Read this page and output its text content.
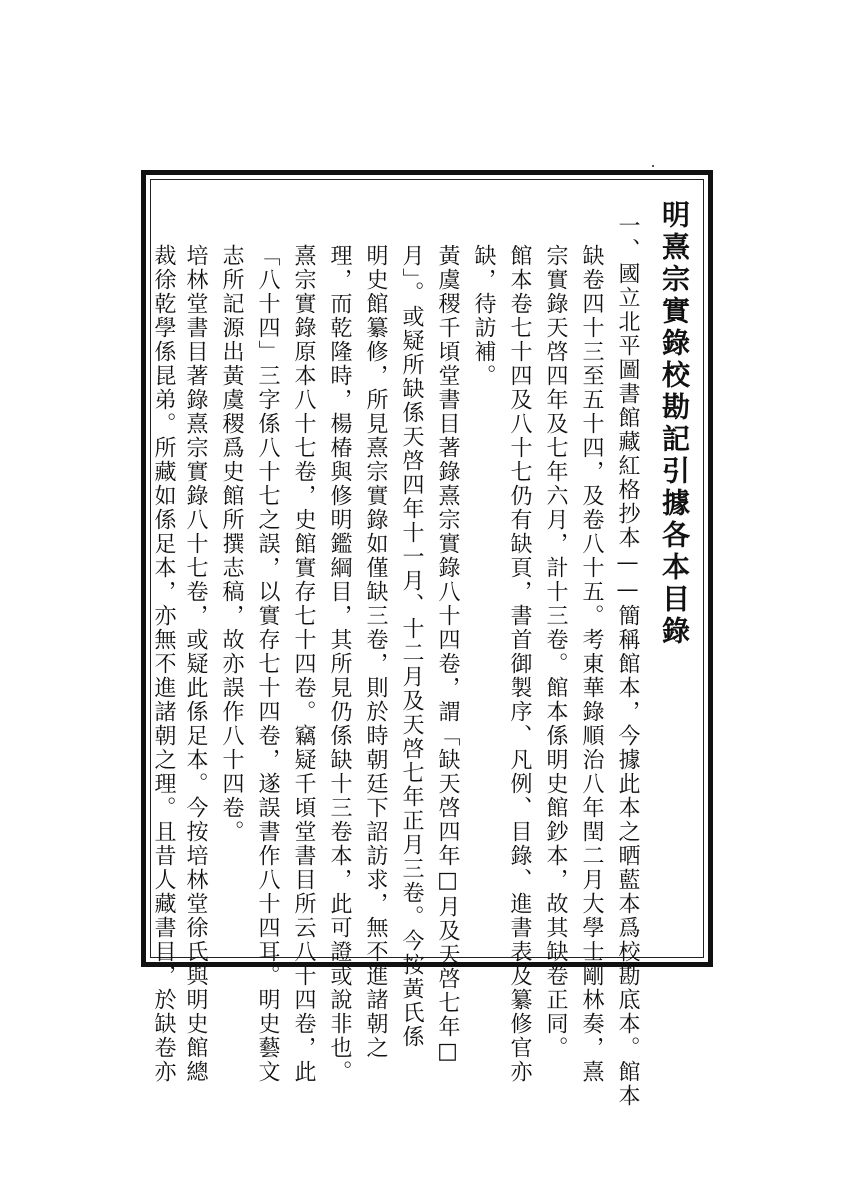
明熹宗實錄校勘記引據各本目錄
一、國立北平圖書館藏紅格抄本——簡稱館本，今據此本之晒藍本爲校勘底本。館本
缺卷四十三至五十四，及卷八十五。考東華錄順治八年閏二月大學士剛林奏，熹
宗實錄天啓四年及七年六月，計十三卷。館本係明史館鈔本，故其缺卷正同。
館本卷七十四及八十七仍有缺頁，書首御製序、凡例、目錄、進書表及纂修官亦
缺，待訪補。
黃虞稷千頃堂書目著錄熹宗實錄八十四卷，謂「缺天啓四年□月及天啓七年□
月」。或疑所缺係天啓四年十一月、十二月及天啓七年正月三卷。今按黃氏係
明史館纂修，所見熹宗實錄如僅缺三卷，則於時朝廷下詔訪求，無不進諸朝之
理，而乾隆時，楊椿與修明鑑綱目，其所見仍係缺十三卷本，此可證或說非也。
熹宗實錄原本八十七卷，史館實存七十四卷。竊疑千頃堂書目所云八十四卷，此
「八十四」三字係八十七之誤，以實存七十四卷，遂誤書作八十四耳。明史藝文
志所記源出黃虞稷爲史館所撰志稿，故亦誤作八十四卷。
培林堂書目著錄熹宗實錄八十七卷，或疑此係足本。今按培林堂徐氏與明史館總
裁徐乾學係昆弟。所藏如係足本，亦無不進諸朝之理。且昔人藏書目，於缺卷亦
